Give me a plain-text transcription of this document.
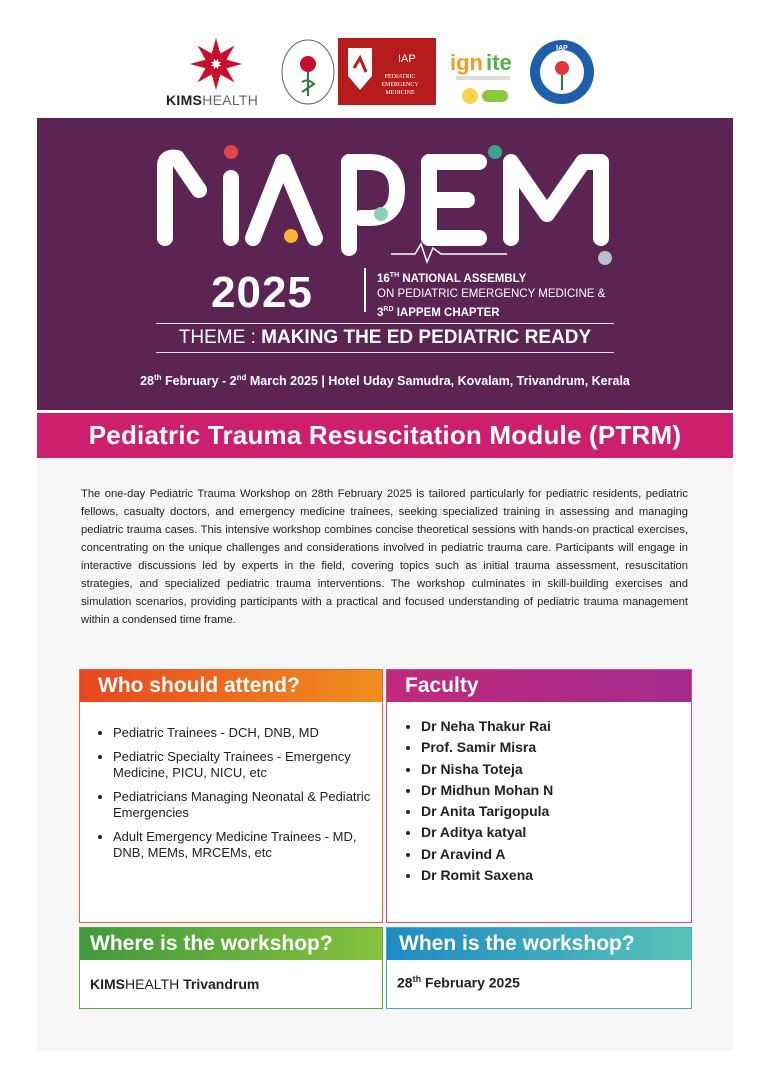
KIMSHEALTH
IAP
PEDIATRIC
EMERGENCY
MEDICINE
ign ite
IAP
2025	16TH NATIONAL ASSEMBLY
ON PEDIATRIC EMERGENCY MEDICINE &
3RD IAPPEM CHAPTER
THEME : MAKING THE ED PEDIATRIC READY
28th February - 2nd March 2025 | Hotel Uday Samudra, Kovalam, Trivandrum, Kerala
Pediatric Trauma Resuscitation Module (PTRM)
The one-day Pediatric Trauma Workshop on 28th February 2025 is tailored particularly for pediatric residents, pediatric fellows, casualty doctors, and emergency medicine trainees, seeking specialized training in assessing and managing pediatric trauma cases. This intensive workshop combines concise theoretical sessions with hands-on practical exercises, concentrating on the unique challenges and considerations involved in pediatric trauma care. Participants will engage in interactive discussions led by experts in the field, covering topics such as initial trauma assessment, resuscitation strategies, and specialized pediatric trauma interventions. The workshop culminates in skill-building exercises and simulation scenarios, providing participants with a practical and focused understanding of pediatric trauma management within a condensed time frame.
Who should attend?
• Pediatric Trainees - DCH, DNB, MD
• Pediatric Specialty Trainees - Emergency Medicine, PICU, NICU, etc
• Pediatricians Managing Neonatal & Pediatric Emergencies
• Adult Emergency Medicine Trainees - MD, DNB, MEMs, MRCEMs, etc
Faculty
• Dr Neha Thakur Rai
• Prof. Samir Misra
• Dr Nisha Toteja
• Dr Midhun Mohan N
• Dr Anita Tarigopula
• Dr Aditya katyal
• Dr Aravind A
• Dr Romit Saxena
Where is the workshop?
KIMSHEALTH Trivandrum
When is the workshop?
28th February 2025
